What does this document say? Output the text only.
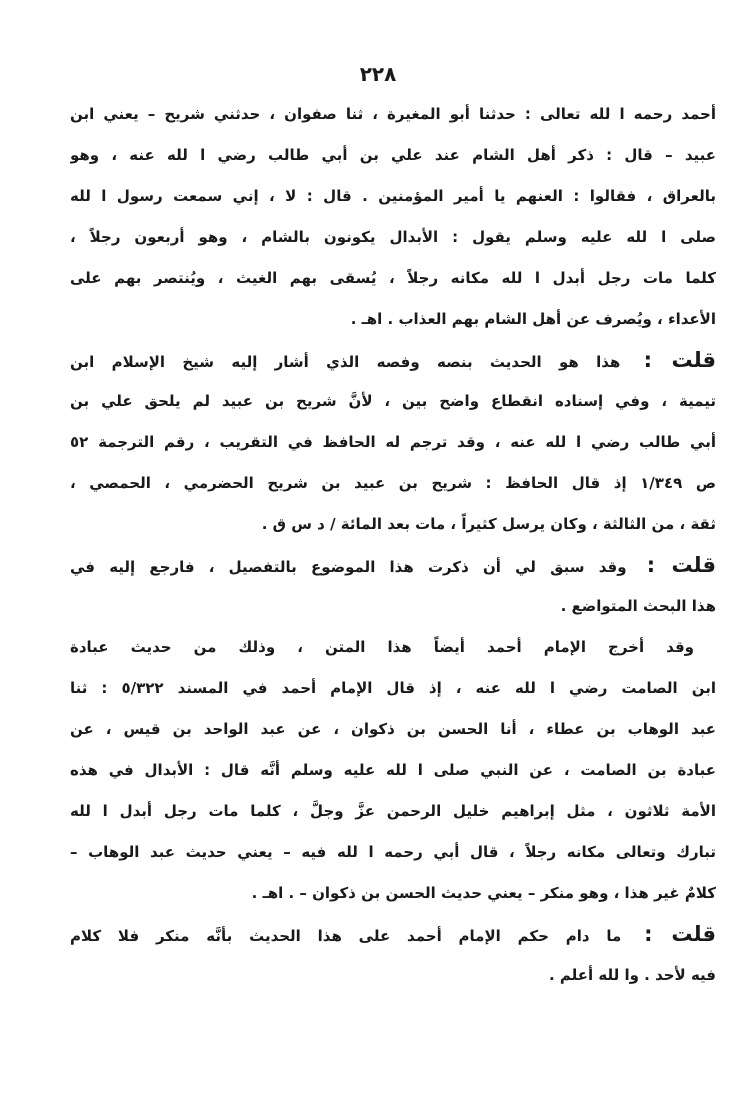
٢٢٨
أحمد رحمه ا لله تعالى : حدثنا أبو المغيرة ، ثنا صفوان ، حدثني شريح – يعني ابن
عبيد – قال : ذكر أهل الشام عند علي بن أبي طالب رضي ا لله عنه ، وهو
بالعراق ، فقالوا : العنهم يا أمير المؤمنين . قال : لا ، إني سمعت رسول ا لله
صلى ا لله عليه وسلم يقول : الأبدال يكونون بالشام ، وهو أربعون رجلاً ،
كلما مات رجل أبدل ا لله مكانه رجلاً ، يُسقى بهم الغيث ، ويُنتصر بهم على
الأعداء ، ويُصرف عن أهل الشام بهم العذاب . اهـ .
قلت : هذا هو الحديث بنصه وفصه الذي أشار إليه شيخ الإسلام ابن
تيمية ، وفي إسناده انقطاع واضح بين ، لأنَّ شريح بن عبيد لم يلحق علي بن
أبي طالب رضي ا لله عنه ، وقد ترجم له الحافظ في التقريب ، رقم الترجمة ٥٢
ص ١/٣٤٩ إذ قال الحافظ : شريح بن عبيد بن شريح الحضرمي ، الحمصي ،
ثقة ، من الثالثة ، وكان يرسل كثيراً ، مات بعد المائة / د س ق .
قلت : وقد سبق لي أن ذكرت هذا الموضوع بالتفصيل ، فارجع إليه في
هذا البحث المتواضع .
وقد أخرج الإمام أحمد أيضاً هذا المتن ، وذلك من حديث عبادة
ابن الصامت رضي ا لله عنه ، إذ قال الإمام أحمد في المسند ٥/٣٢٢ : ثنا
عبد الوهاب بن عطاء ، أنا الحسن بن ذكوان ، عن عبد الواحد بن قيس ، عن
عبادة بن الصامت ، عن النبي صلى ا لله عليه وسلم أنَّه قال : الأبدال في هذه
الأمة ثلاثون ، مثل إبراهيم خليل الرحمن عزَّ وجلَّ ، كلما مات رجل أبدل ا لله
تبارك وتعالى مكانه رجلاً ، قال أبي رحمه ا لله فيه – يعني حديث عبد الوهاب –
كلامٌ غير هذا ، وهو منكر – يعني حديث الحسن بن ذكوان – . اهـ .
قلت : ما دام حكم الإمام أحمد على هذا الحديث بأنَّه منكر فلا كلام
فيه لأحد . وا لله أعلم .
